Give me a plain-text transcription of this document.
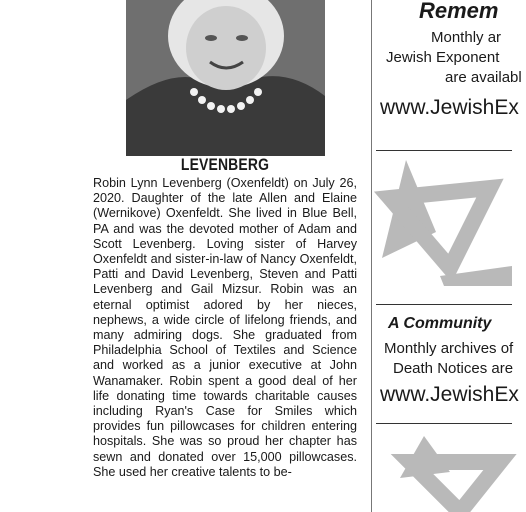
LEVENBERG

Robin Lynn Levenberg (Oxenfeldt) on July 26, 2020. Daughter of the late Allen and Elaine (Wernikove) Oxenfeldt. She lived in Blue Bell, PA and was the devoted mother of Adam and Scott Levenberg. Loving sister of Harvey Oxenfeldt and sister-in-law of Nancy Oxenfeldt, Patti and David Levenberg, Steven and Patti Levenberg and Gail Mizsur. Robin was an eternal optimist adored by her nieces, nephews, a wide circle of lifelong friends, and many admiring dogs. She graduated from Philadelphia School of Textiles and Science and worked as a junior executive at John Wanamaker. Robin spent a good deal of her life donating time towards charitable causes including Ryan's Case for Smiles which provides fun pillowcases for children entering hospitals. She was so proud her chapter has sewn and donated over 15,000 pillowcases. She used her creative talents to be-

Remem

Monthly ar

Jewish Exponent

are availabl

www.JewishEx

A Community

Monthly archives of

Death Notices are

www.JewishEx
